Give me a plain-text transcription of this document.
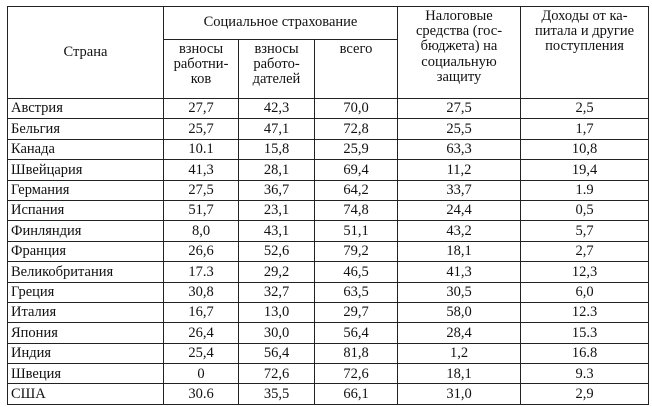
Страна	Социальное страхование			Налоговые средства (гос-бюджета) на социальную защиту	Доходы от ка-питала и другие поступления
	взносы работни-ков	взносы работо-дателей	всего		
Австрия	27,7	42,3	70,0	27,5	2,5
Бельгия	25,7	47,1	72,8	25,5	1,7
Канада	10.1	15,8	25,9	63,3	10,8
Швейцария	41,3	28,1	69,4	11,2	19,4
Германия	27,5	36,7	64,2	33,7	1.9
Испания	51,7	23,1	74,8	24,4	0,5
Финляндия	8,0	43,1	51,1	43,2	5,7
Франция	26,6	52,6	79,2	18,1	2,7
Великобритания	17.3	29,2	46,5	41,3	12,3
Греция	30,8	32,7	63,5	30,5	6,0
Италия	16,7	13,0	29,7	58,0	12.3
Япония	26,4	30,0	56,4	28,4	15.3
Индия	25,4	56,4	81,8	1,2	16.8
Швеция	0	72,6	72,6	18,1	9.3
США	30.6	35,5	66,1	31,0	2,9
